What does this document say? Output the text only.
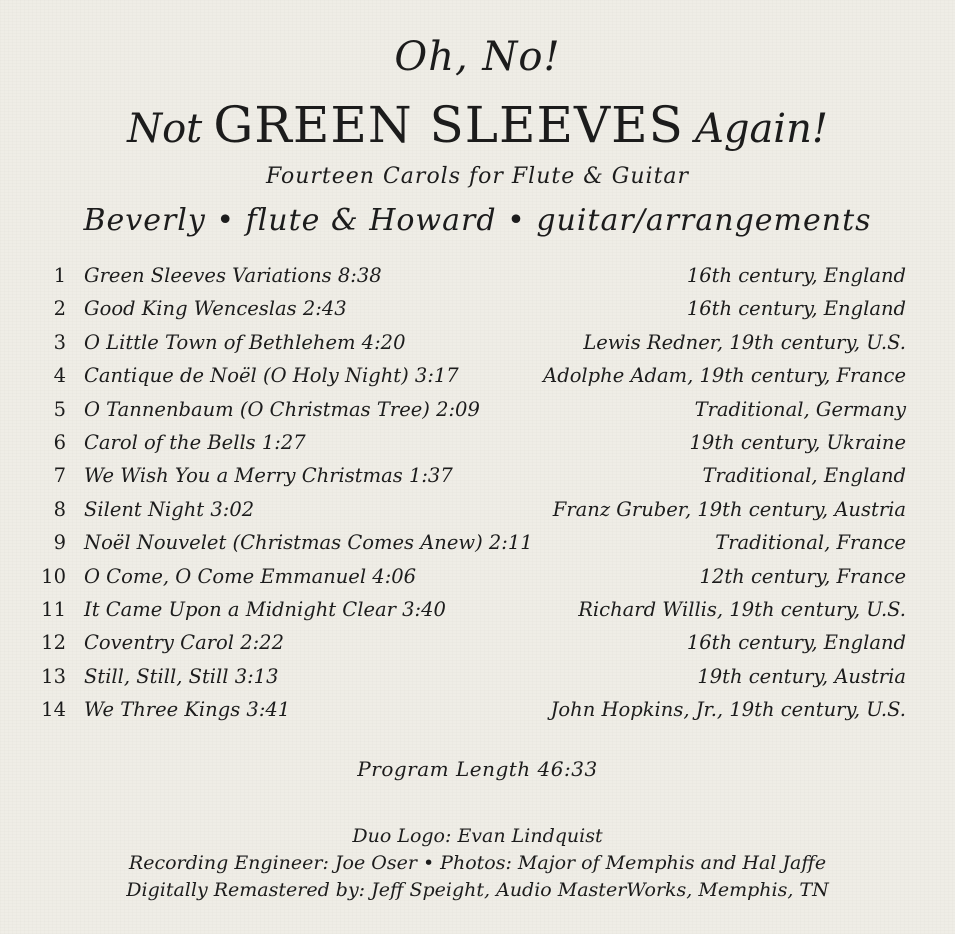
Oh, No!
Not GREEN SLEEVES Again!
Fourteen Carols for Flute & Guitar
Beverly • flute & Howard • guitar/arrangements
1 Green Sleeves Variations 8:38	16th century, England
2 Good King Wenceslas 2:43	16th century, England
3 O Little Town of Bethlehem 4:20	Lewis Redner, 19th century, U.S.
4 Cantique de Noël (O Holy Night) 3:17	Adolphe Adam, 19th century, France
5 O Tannenbaum (O Christmas Tree) 2:09	Traditional, Germany
6 Carol of the Bells 1:27	19th century, Ukraine
7 We Wish You a Merry Christmas 1:37	Traditional, England
8 Silent Night 3:02	Franz Gruber, 19th century, Austria
9 Noël Nouvelet (Christmas Comes Anew) 2:11	Traditional, France
10 O Come, O Come Emmanuel 4:06	12th century, France
11 It Came Upon a Midnight Clear 3:40	Richard Willis, 19th century, U.S.
12 Coventry Carol 2:22	16th century, England
13 Still, Still, Still 3:13	19th century, Austria
14 We Three Kings 3:41	John Hopkins, Jr., 19th century, U.S.
Program Length 46:33
Duo Logo: Evan Lindquist
Recording Engineer: Joe Oser • Photos: Major of Memphis and Hal Jaffe
Digitally Remastered by: Jeff Speight, Audio MasterWorks, Memphis, TN
